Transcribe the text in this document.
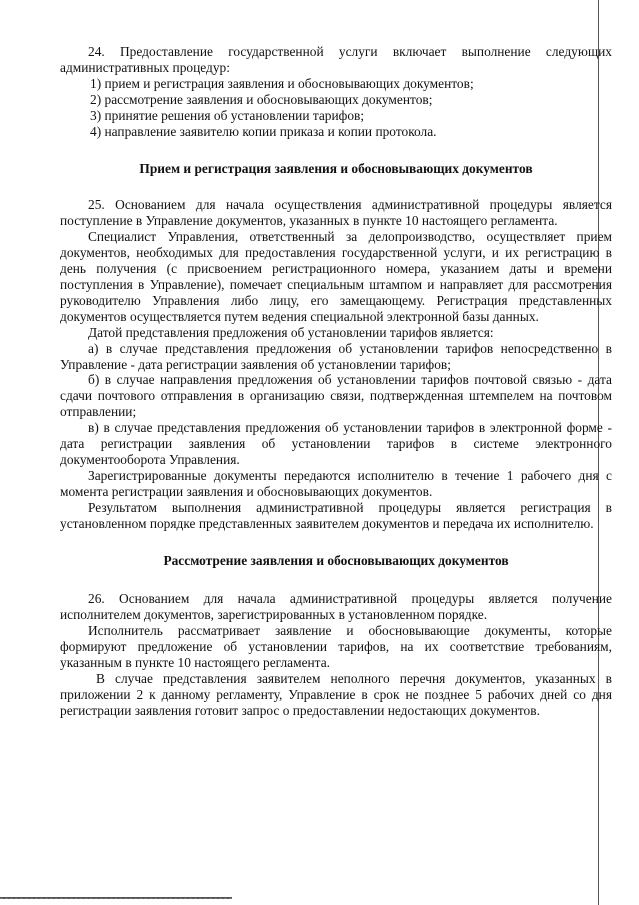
24. Предоставление государственной услуги включает выполнение следующих административных процедур:

1) прием и регистрация заявления и обосновывающих документов;

2) рассмотрение заявления и обосновывающих документов;

3) принятие решения об установлении тарифов;

4) направление заявителю копии приказа и копии протокола.

Прием и регистрация заявления и обосновывающих документов

25. Основанием для начала осуществления административной процедуры является поступление в Управление документов, указанных в пункте 10 настоящего регламента.

Специалист Управления, ответственный за делопроизводство, осуществляет прием документов, необходимых для предоставления государственной услуги, и их регистрацию в день получения (с присвоением регистрационного номера, указанием даты и времени поступления в Управление), помечает специальным штампом и направляет для рассмотрения руководителю Управления либо лицу, его замещающему. Регистрация представленных документов осуществляется путем ведения специальной электронной базы данных.

Датой представления предложения об установлении тарифов является:

а) в случае представления предложения об установлении тарифов непосредственно в Управление - дата регистрации заявления об установлении тарифов;

б) в случае направления предложения об установлении тарифов почтовой связью - дата сдачи почтового отправления в организацию связи, подтвержденная штемпелем на почтовом отправлении;

в) в случае представления предложения об установлении тарифов в электронной форме - дата регистрации заявления об установлении тарифов в системе электронного документооборота Управления.

Зарегистрированные документы передаются исполнителю в течение 1 рабочего дня с момента регистрации заявления и обосновывающих документов.

Результатом выполнения административной процедуры является регистрация в установленном порядке представленных заявителем документов и передача их исполнителю.

Рассмотрение заявления и обосновывающих документов

26. Основанием для начала административной процедуры является получение исполнителем документов, зарегистрированных в установленном порядке.

Исполнитель рассматривает заявление и обосновывающие документы, которые формируют предложение об установлении тарифов, на их соответствие требованиям, указанным в пункте 10 настоящего регламента.

В случае представления заявителем неполного перечня документов, указанных в приложении 2 к данному регламенту, Управление в срок не позднее 5 рабочих дней со дня регистрации заявления готовит запрос о предоставлении недостающих документов.
